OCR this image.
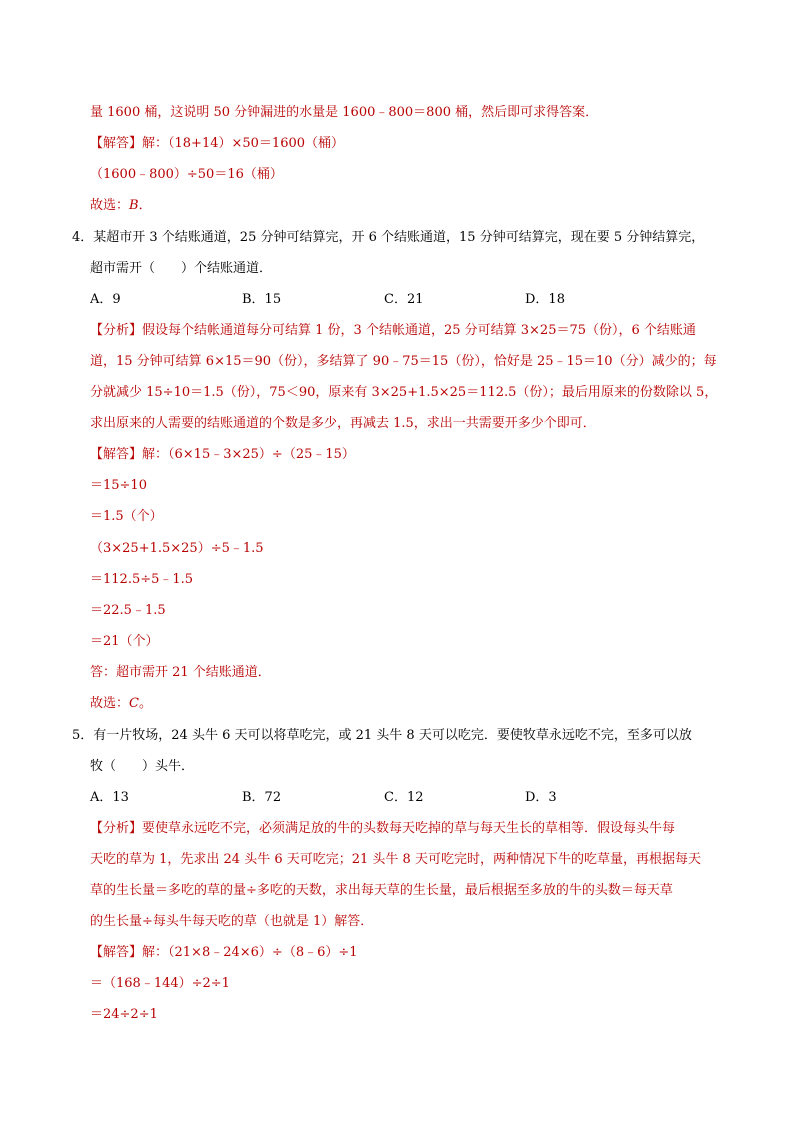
量 1600 桶，这说明 50 分钟漏进的水量是 1600﹣800＝800 桶，然后即可求得答案．
【解答】解：（18+14）×50＝1600（桶）
（1600﹣800）÷50＝16（桶）
故选：B．
4．某超市开 3 个结账通道，25 分钟可结算完，开 6 个结账通道，15 分钟可结算完，现在要 5 分钟结算完，
超市需开（　　）个结账通道．
A．9	B．15	C．21	D．18
【分析】假设每个结帐通道每分可结算 1 份，3 个结帐通道，25 分可结算 3×25＝75（份），6 个结账通
道，15 分钟可结算 6×15＝90（份），多结算了 90﹣75＝15（份），恰好是 25﹣15＝10（分）减少的；每
分就减少 15÷10＝1.5（份），75＜90，原来有 3×25+1.5×25＝112.5（份）；最后用原来的份数除以 5，
求出原来的人需要的结账通道的个数是多少，再减去 1.5，求出一共需要开多少个即可．
【解答】解：（6×15﹣3×25）÷（25﹣15）
＝15÷10
＝1.5（个）
（3×25+1.5×25）÷5﹣1.5
＝112.5÷5﹣1.5
＝22.5﹣1.5
＝21（个）
答：超市需开 21 个结账通道．
故选：C。
5．有一片牧场，24 头牛 6 天可以将草吃完，或 21 头牛 8 天可以吃完．要使牧草永远吃不完，至多可以放
牧（　　）头牛．
A．13	B．72	C．12	D．3
【分析】要使草永远吃不完，必须满足放的牛的头数每天吃掉的草与每天生长的草相等．假设每头牛每
天吃的草为 1，先求出 24 头牛 6 天可吃完；21 头牛 8 天可吃完时，两种情况下牛的吃草量，再根据每天
草的生长量＝多吃的草的量÷多吃的天数，求出每天草的生长量，最后根据至多放的牛的头数＝每天草
的生长量÷每头牛每天吃的草（也就是 1）解答．
【解答】解：（21×8﹣24×6）÷（8﹣6）÷1
＝（168﹣144）÷2÷1
＝24÷2÷1
